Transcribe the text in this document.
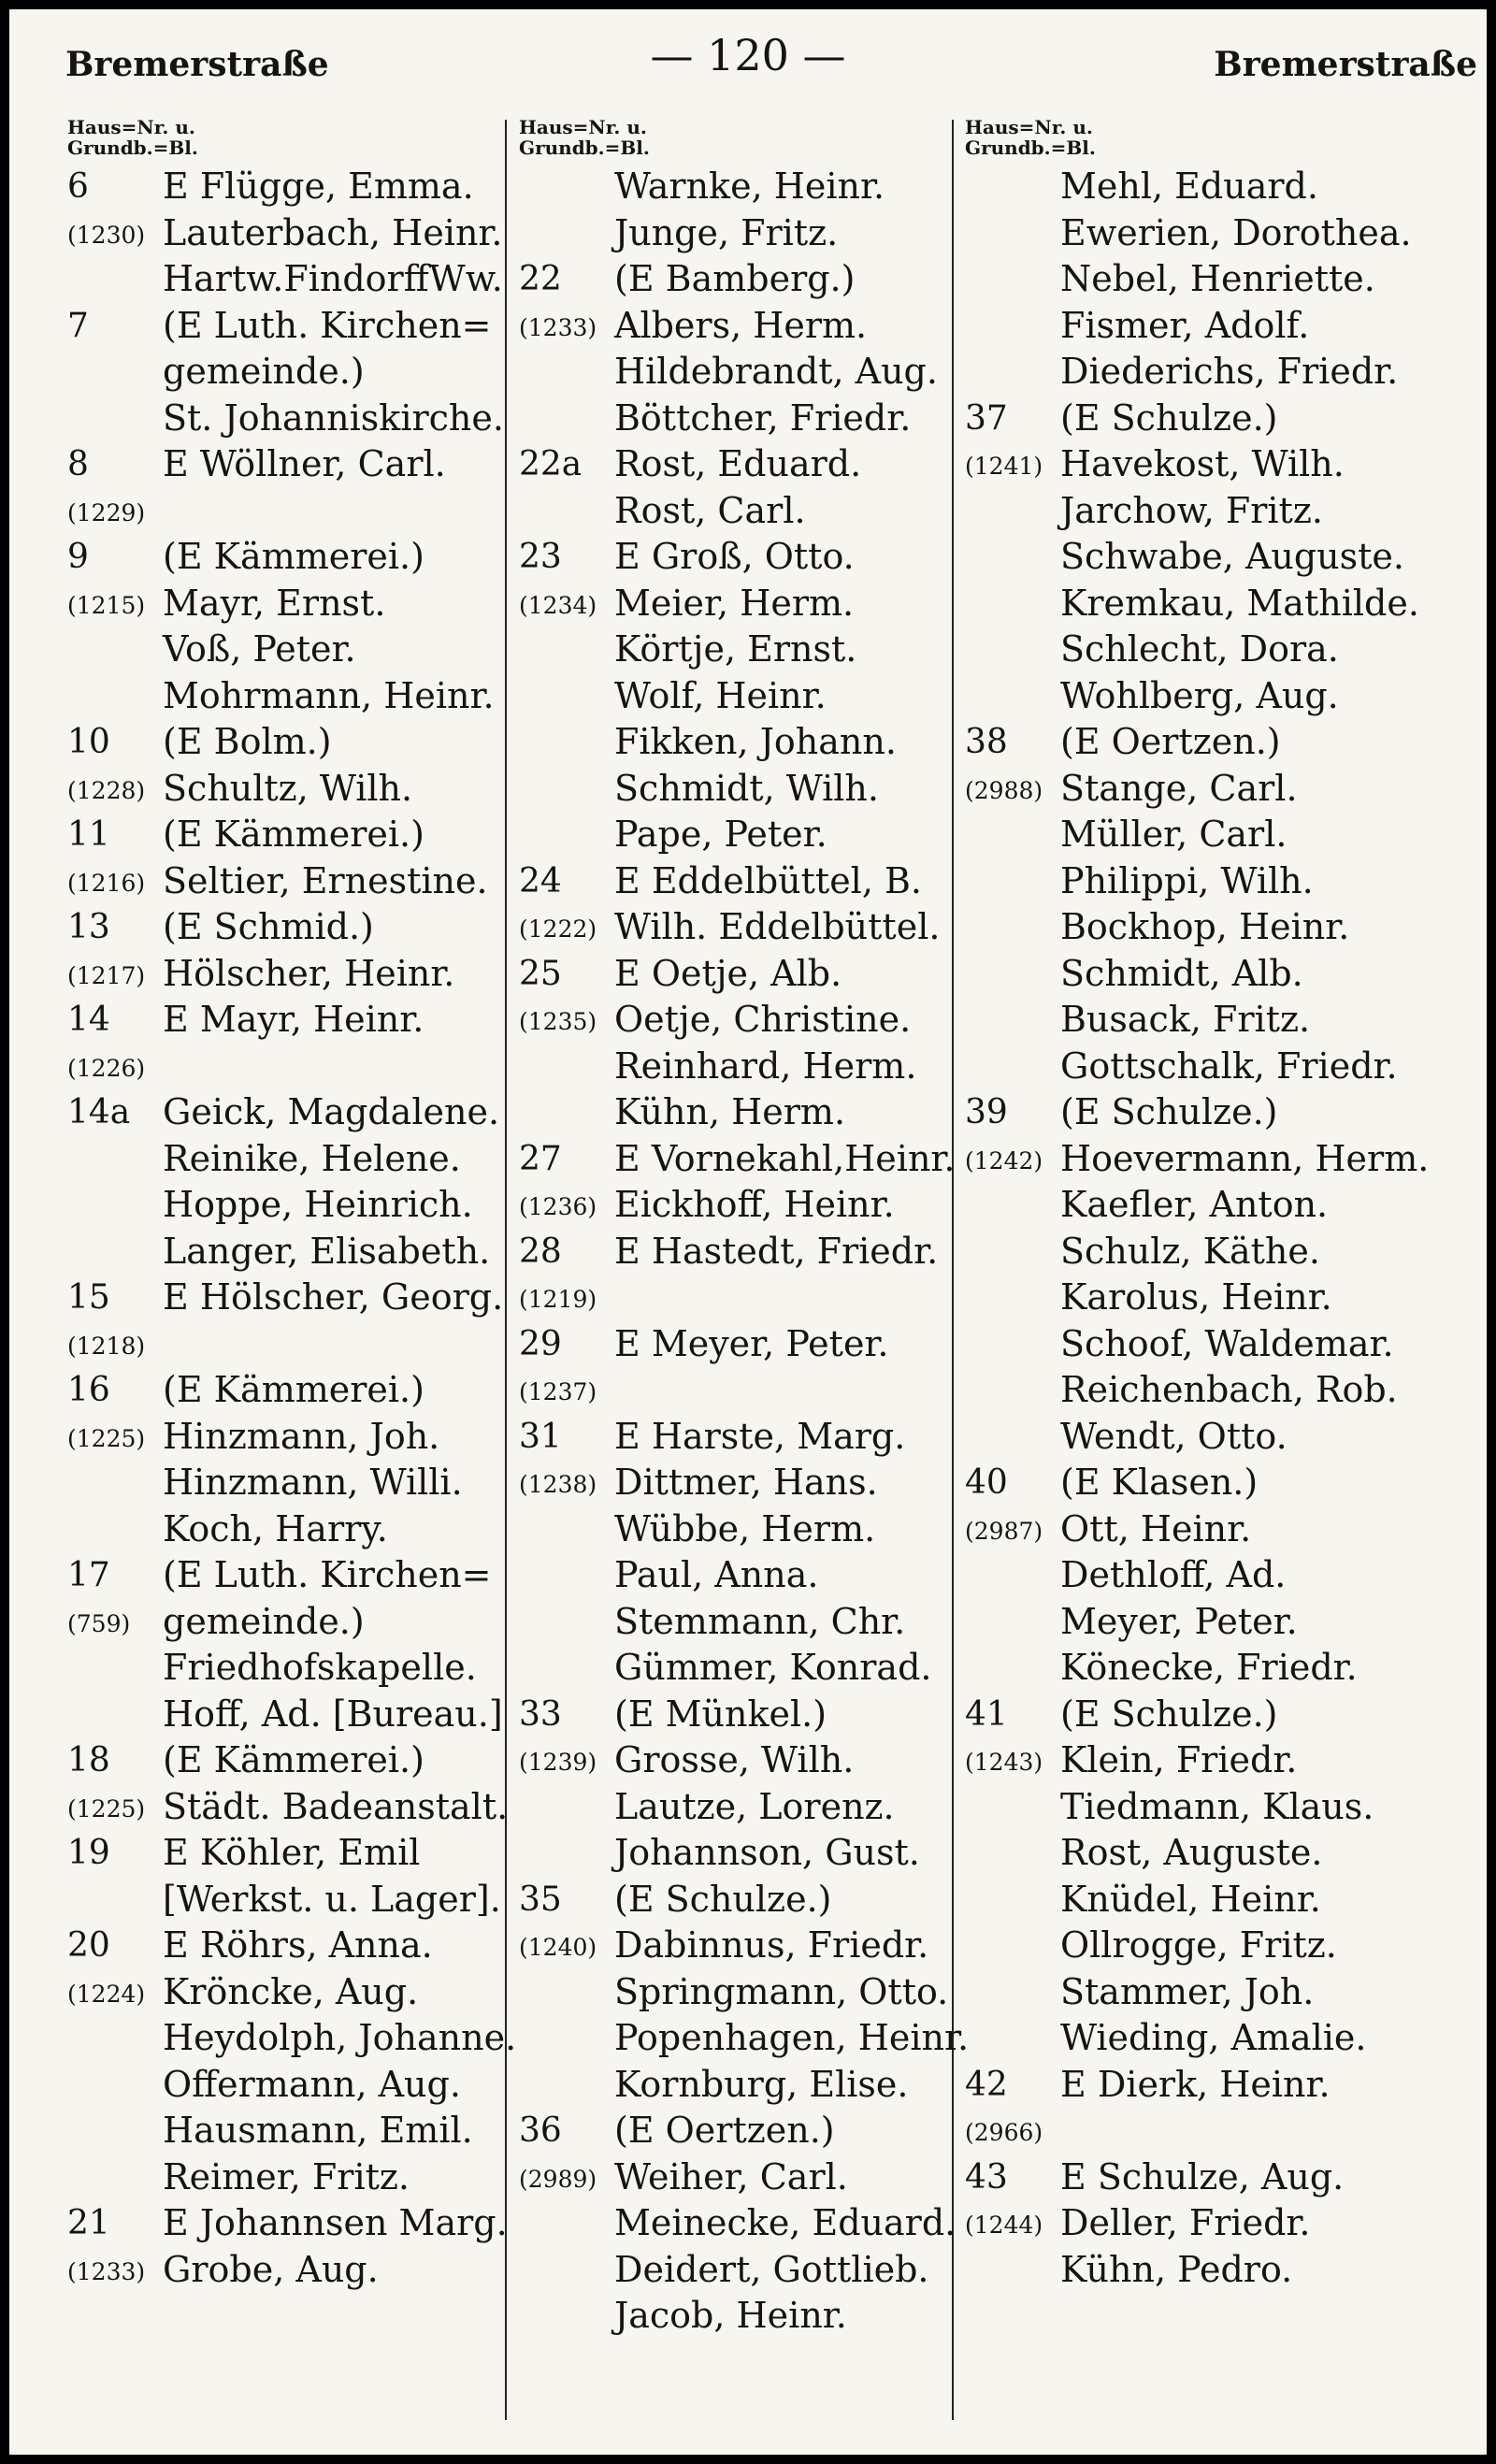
Bremerstraße	— 120 —	Bremerstraße
Haus=Nr. u.
Grundb.=Bl.
6 E Flügge, Emma.
(1230) Lauterbach, Heinr.
Hartw.FindorffWw.
7 (E Luth. Kirchen=
gemeinde.)
St. Johanniskirche.
8 E Wöllner, Carl.
(1229)
9 (E Kämmerei.)
(1215) Mayr, Ernst.
Voß, Peter.
Mohrmann, Heinr.
10 (E Bolm.)
(1228) Schultz, Wilh.
11 (E Kämmerei.)
(1216) Seltier, Ernestine.
13 (E Schmid.)
(1217) Hölscher, Heinr.
14 E Mayr, Heinr.
(1226)
14a Geick, Magdalene.
Reinike, Helene.
Hoppe, Heinrich.
Langer, Elisabeth.
15 E Hölscher, Georg.
(1218)
16 (E Kämmerei.)
(1225) Hinzmann, Joh.
Hinzmann, Willi.
Koch, Harry.
17 (E Luth. Kirchen=
(759) gemeinde.)
Friedhofskapelle.
Hoff, Ad. [Bureau.]
18 (E Kämmerei.)
(1225) Städt. Badeanstalt.
19 E Köhler, Emil
[Werkst. u. Lager].
20 E Röhrs, Anna.
(1224) Kröncke, Aug.
Heydolph, Johanne.
Offermann, Aug.
Hausmann, Emil.
Reimer, Fritz.
21 E Johannsen Marg.
(1233) Grobe, Aug.
Haus=Nr. u.
Grundb.=Bl.
Warnke, Heinr.
Junge, Fritz.
22 (E Bamberg.)
(1233) Albers, Herm.
Hildebrandt, Aug.
Böttcher, Friedr.
22a Rost, Eduard.
Rost, Carl.
23 E Groß, Otto.
(1234) Meier, Herm.
Körtje, Ernst.
Wolf, Heinr.
Fikken, Johann.
Schmidt, Wilh.
Pape, Peter.
24 E Eddelbüttel, B.
(1222) Wilh. Eddelbüttel.
25 E Oetje, Alb.
(1235) Oetje, Christine.
Reinhard, Herm.
Kühn, Herm.
27 E Vornekahl,Heinr.
(1236) Eickhoff, Heinr.
28 E Hastedt, Friedr.
(1219)
29 E Meyer, Peter.
(1237)
31 E Harste, Marg.
(1238) Dittmer, Hans.
Wübbe, Herm.
Paul, Anna.
Stemmann, Chr.
Gümmer, Konrad.
33 (E Münkel.)
(1239) Grosse, Wilh.
Lautze, Lorenz.
Johannson, Gust.
35 (E Schulze.)
(1240) Dabinnus, Friedr.
Springmann, Otto.
Popenhagen, Heinr.
Kornburg, Elise.
36 (E Oertzen.)
(2989) Weiher, Carl.
Meinecke, Eduard.
Deidert, Gottlieb.
Jacob, Heinr.
Haus=Nr. u.
Grundb.=Bl.
Mehl, Eduard.
Ewerien, Dorothea.
Nebel, Henriette.
Fismer, Adolf.
Diederichs, Friedr.
37 (E Schulze.)
(1241) Havekost, Wilh.
Jarchow, Fritz.
Schwabe, Auguste.
Kremkau, Mathilde.
Schlecht, Dora.
Wohlberg, Aug.
38 (E Oertzen.)
(2988) Stange, Carl.
Müller, Carl.
Philippi, Wilh.
Bockhop, Heinr.
Schmidt, Alb.
Busack, Fritz.
Gottschalk, Friedr.
39 (E Schulze.)
(1242) Hoevermann, Herm.
Kaefler, Anton.
Schulz, Käthe.
Karolus, Heinr.
Schoof, Waldemar.
Reichenbach, Rob.
Wendt, Otto.
40 (E Klasen.)
(2987) Ott, Heinr.
Dethloff, Ad.
Meyer, Peter.
Könecke, Friedr.
41 (E Schulze.)
(1243) Klein, Friedr.
Tiedmann, Klaus.
Rost, Auguste.
Knüdel, Heinr.
Ollrogge, Fritz.
Stammer, Joh.
Wieding, Amalie.
42 E Dierk, Heinr.
(2966)
43 E Schulze, Aug.
(1244) Deller, Friedr.
Kühn, Pedro.
